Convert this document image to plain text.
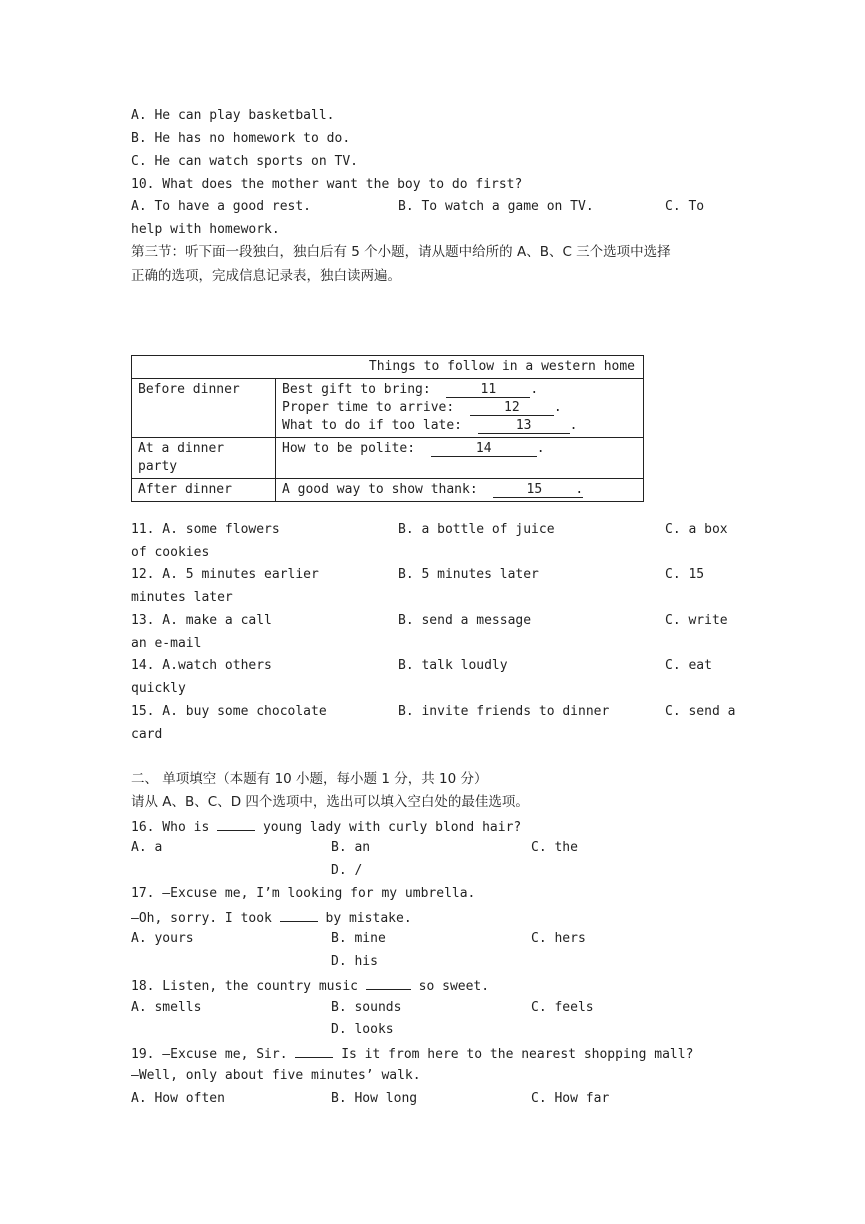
A. He can play basketball.
B. He has no homework to do.
C. He can watch sports on TV.
10. What does the mother want the boy to do first?
A. To have a good rest.	B. To watch a game on TV.	C. To
help with homework.
第三节：听下面一段独白，独白后有 5 个小题，请从题中给所的 A、B、C 三个选项中选择
正确的选项，完成信息记录表，独白读两遍。
Things to follow in a western home	
Before dinner	Best gift to bring: 11 .
Proper time to arrive: 12 .
What to do if too late: 13 .

At a dinner party	How to be polite: 14 .

After dinner	A good way to show thank: 15 .
11. A. some flowers	B. a bottle of juice	C. a box
of cookies
12. A. 5 minutes earlier	B. 5 minutes later	C. 15
minutes later
13. A. make a call	B. send a message	C. write
an e-mail
14. A.watch others	B. talk loudly	C. eat
quickly
15. A. buy some chocolate	B. invite friends to dinner	C. send a
card
二、 单项填空（本题有 10 小题，每小题 1 分，共 10 分）
请从 A、B、C、D 四个选项中，选出可以填入空白处的最佳选项。
16. Who is	young lady with curly blond hair?
A. a	B. an	C. the
D. /
17. —Excuse me, I’m looking for my umbrella.
—Oh, sorry. I took	by mistake.
A. yours	B. mine	C. hers
D. his
18. Listen, the country music	so sweet.
A. smells	B. sounds	C. feels
D. looks
19. —Excuse me, Sir.	Is it from here to the nearest shopping mall?
—Well, only about five minutes’ walk.
A. How often	B. How long	C. How far
